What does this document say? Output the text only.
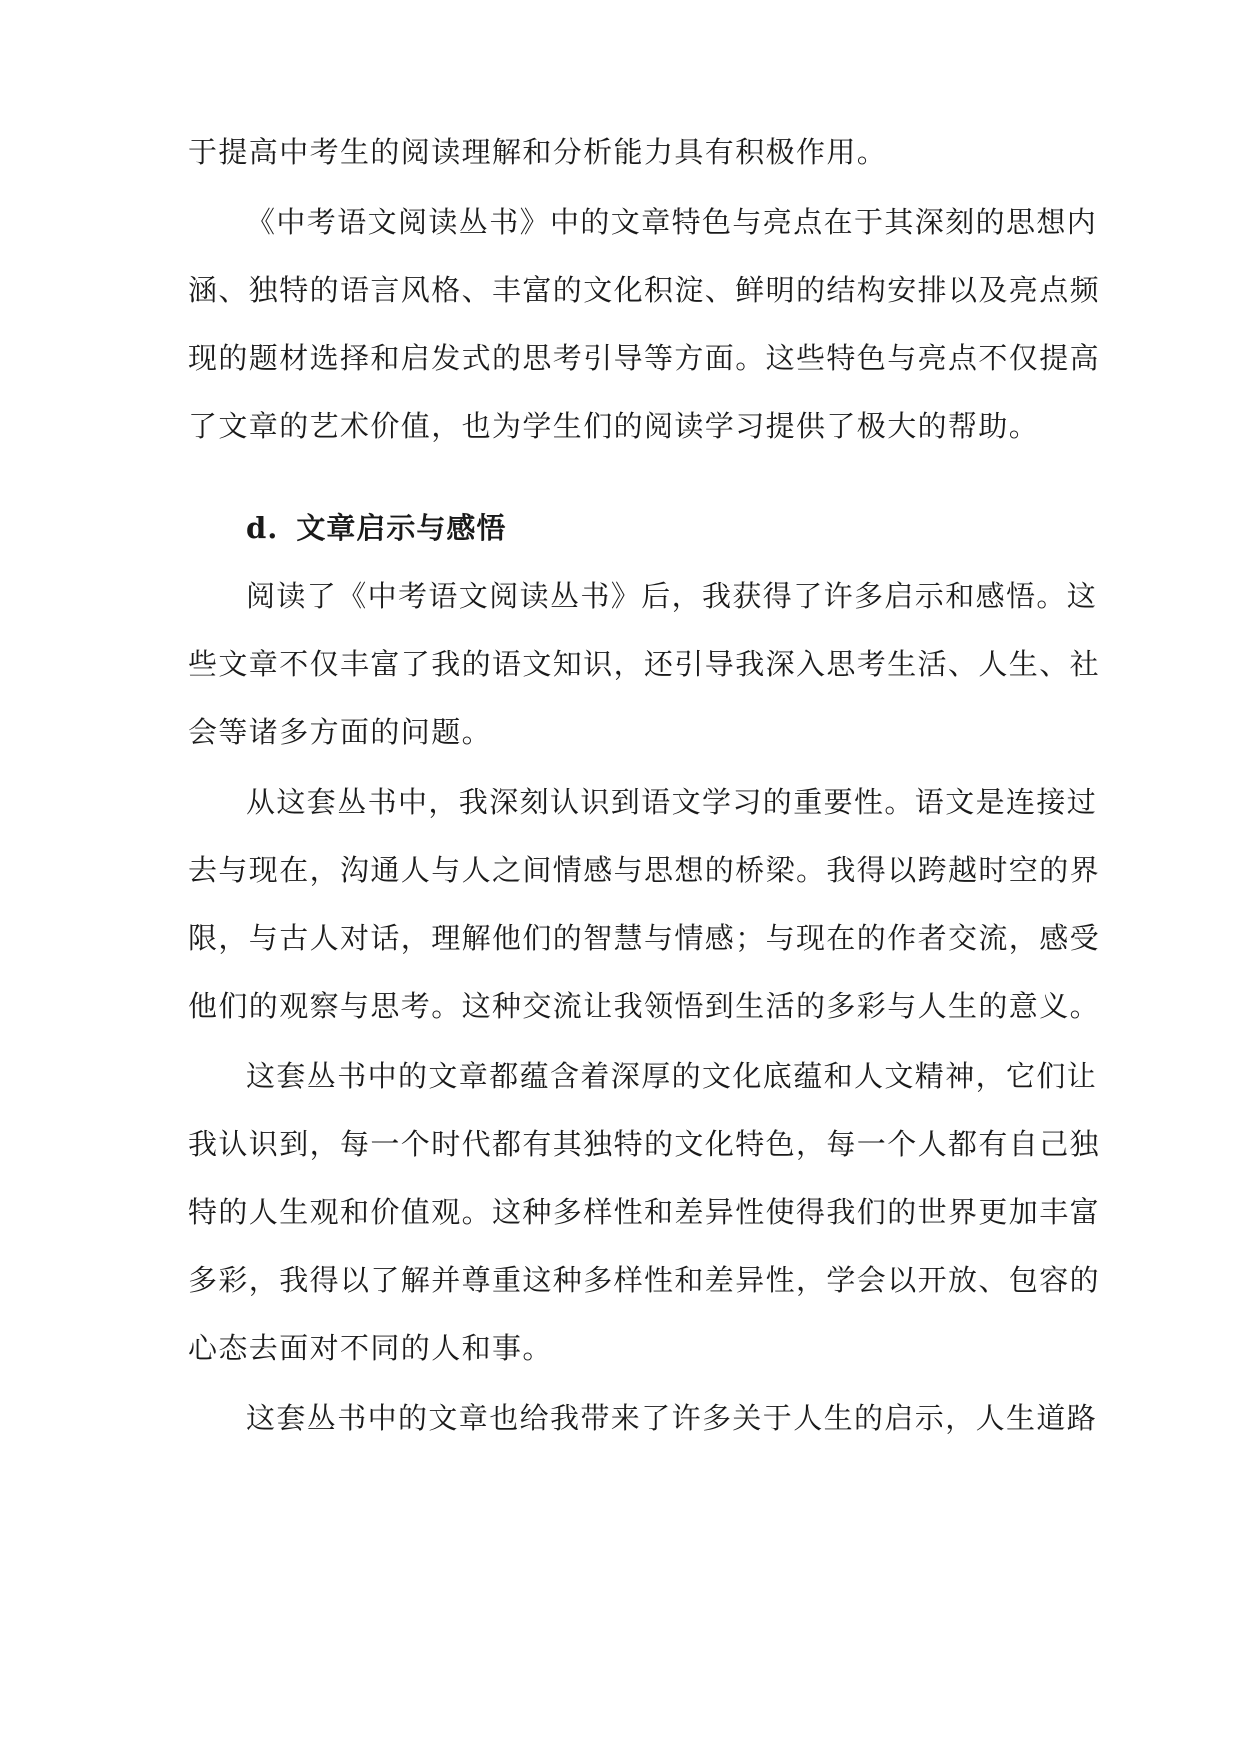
于提高中考生的阅读理解和分析能力具有积极作用。
《中考语文阅读丛书》中的文章特色与亮点在于其深刻的思想内
涵、独特的语言风格、丰富的文化积淀、鲜明的结构安排以及亮点频
现的题材选择和启发式的思考引导等方面。这些特色与亮点不仅提高
了文章的艺术价值，也为学生们的阅读学习提供了极大的帮助。
d. 文章启示与感悟
阅读了《中考语文阅读丛书》后，我获得了许多启示和感悟。这
些文章不仅丰富了我的语文知识，还引导我深入思考生活、人生、社
会等诸多方面的问题。
从这套丛书中，我深刻认识到语文学习的重要性。语文是连接过
去与现在，沟通人与人之间情感与思想的桥梁。我得以跨越时空的界
限，与古人对话，理解他们的智慧与情感；与现在的作者交流，感受
他们的观察与思考。这种交流让我领悟到生活的多彩与人生的意义。
这套丛书中的文章都蕴含着深厚的文化底蕴和人文精神，它们让
我认识到，每一个时代都有其独特的文化特色，每一个人都有自己独
特的人生观和价值观。这种多样性和差异性使得我们的世界更加丰富
多彩，我得以了解并尊重这种多样性和差异性，学会以开放、包容的
心态去面对不同的人和事。
这套丛书中的文章也给我带来了许多关于人生的启示，人生道路
